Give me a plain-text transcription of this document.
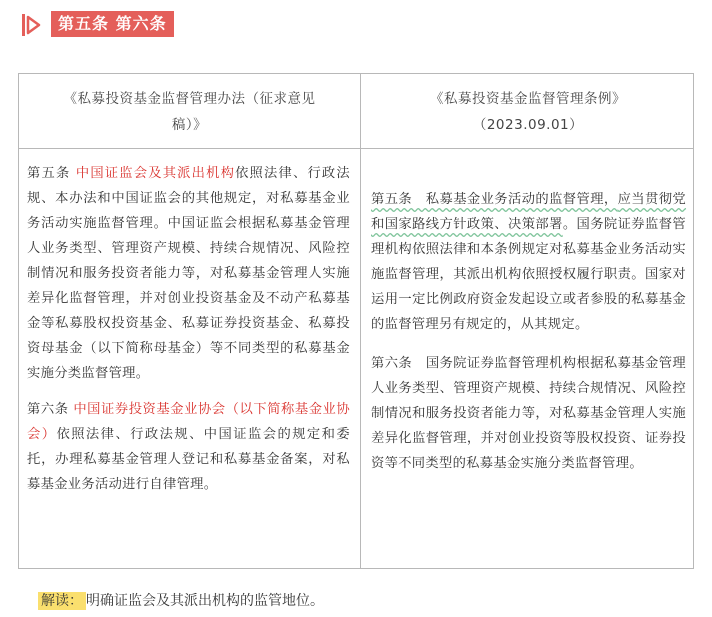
第五条 第六条
《私募投资基金监督管理办法（征求意见
稿）》
《私募投资基金监督管理条例》
（2023.09.01）

第五条 中国证监会及其派出机构依照法律、行政法规、本办法和中国证监会的其他规定，对私募基金业务活动实施监督管理。中国证监会根据私募基金管理人业务类型、管理资产规模、持续合规情况、风险控制情况和服务投资者能力等，对私募基金管理人实施差异化监督管理，并对创业投资基金及不动产私募基金等私募股权投资基金、私募证券投资基金、私募投资母基金（以下简称母基金）等不同类型的私募基金实施分类监督管理。

第六条 中国证券投资基金业协会（以下简称基金业协会）依照法律、行政法规、中国证监会的规定和委托，办理私募基金管理人登记和私募基金备案，对私募基金业务活动进行自律管理。

第五条　私募基金业务活动的监督管理，应当贯彻党和国家路线方针政策、决策部署。国务院证券监督管理机构依照法律和本条例规定对私募基金业务活动实施监督管理，其派出机构依照授权履行职责。国家对运用一定比例政府资金发起设立或者参股的私募基金的监督管理另有规定的，从其规定。

第六条　国务院证券监督管理机构根据私募基金管理人业务类型、管理资产规模、持续合规情况、风险控制情况和服务投资者能力等，对私募基金管理人实施差异化监督管理，并对创业投资等股权投资、证券投资等不同类型的私募基金实施分类监督管理。

解读： 明确证监会及其派出机构的监管地位。
